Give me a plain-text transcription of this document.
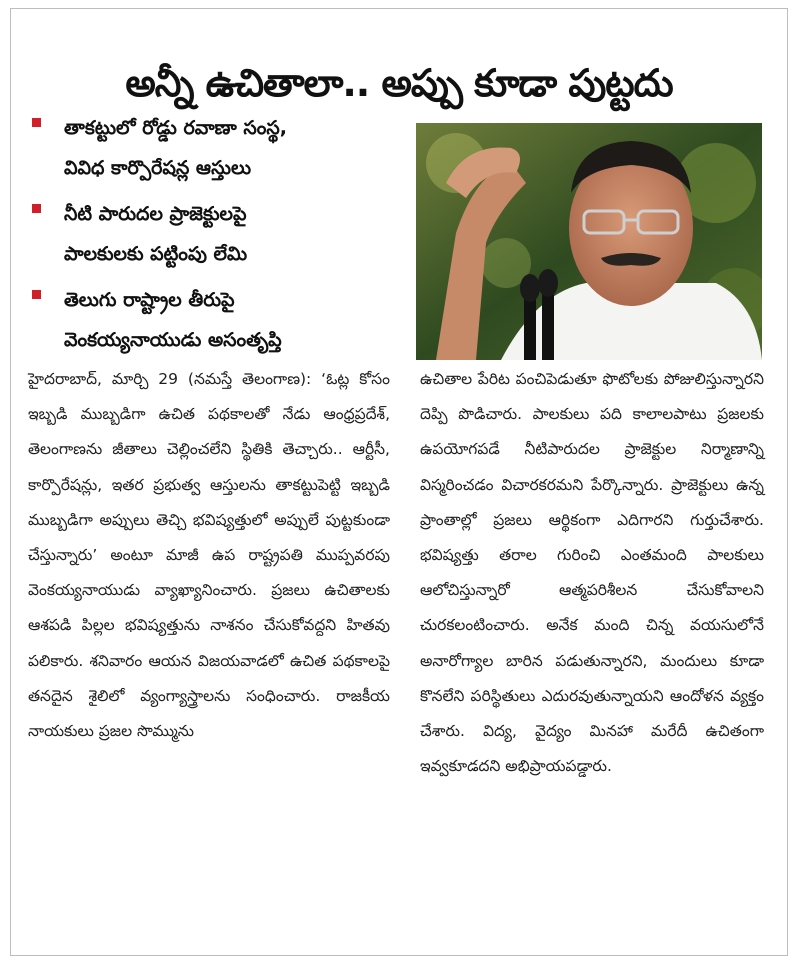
అన్నీ ఉచితాలా.. అప్పు కూడా పుట్టదు
తాకట్టులో రోడ్డు రవాణా సంస్థ,
వివిధ కార్పొరేషన్ల ఆస్తులు
నీటి పారుదల ప్రాజెక్టులపై
పాలకులకు పట్టింపు లేమి
తెలుగు రాష్ట్రాల తీరుపై
వెంకయ్యనాయుడు అసంతృప్తి
హైదరాబాద్, మార్చి 29 (నమస్తే తెలంగాణ): ‘ఓట్ల కోసం ఇబ్బడి ముబ్బడిగా ఉచిత పథకాలతో నేడు ఆంధ్రప్రదేశ్, తెలంగాణను జీతాలు చెల్లించలేని స్థితికి తెచ్చారు.. ఆర్టీసీ, కార్పొరేషన్లు, ఇతర ప్రభుత్వ ఆస్తులను తాకట్టుపెట్టి ఇబ్బడి ముబ్బడిగా అప్పులు తెచ్చి భవిష్యత్తులో అప్పులే పుట్టకుండా చేస్తున్నారు’ అంటూ మాజీ ఉప రాష్ట్రపతి ముప్పవరపు వెంకయ్యనాయుడు వ్యాఖ్యానించారు. ప్రజలు ఉచితాలకు ఆశపడి పిల్లల భవిష్యత్తును నాశనం చేసుకోవద్దని హితవు పలికారు. శనివారం ఆయన విజయవాడలో ఉచిత పథకాలపై తనదైన శైలిలో వ్యంగ్యాస్త్రాలను సంధించారు. రాజకీయ నాయకులు ప్రజల సొమ్మును
ఉచితాల పేరిట పంచిపెడుతూ ఫొటోలకు పోజులిస్తున్నారని దెప్పి పొడిచారు. పాలకులు పది కాలాలపాటు ప్రజలకు ఉపయోగపడే నీటిపారుదల ప్రాజెక్టుల నిర్మాణాన్ని విస్మరించడం విచారకరమని పేర్కొన్నారు. ప్రాజెక్టులు ఉన్న ప్రాంతాల్లో ప్రజలు ఆర్థికంగా ఎదిగారని గుర్తుచేశారు. భవిష్యత్తు తరాల గురించి ఎంతమంది పాలకులు ఆలోచిస్తున్నారో ఆత్మపరిశీలన చేసుకోవాలని చురకలంటించారు. అనేక మంది చిన్న వయసులోనే అనారోగ్యాల బారిన పడుతున్నారని, మందులు కూడా కొనలేని పరిస్థితులు ఎదురవుతున్నాయని ఆందోళన వ్యక్తం చేశారు. విద్య, వైద్యం మినహా మరేదీ ఉచితంగా ఇవ్వకూడదని అభిప్రాయపడ్డారు.
